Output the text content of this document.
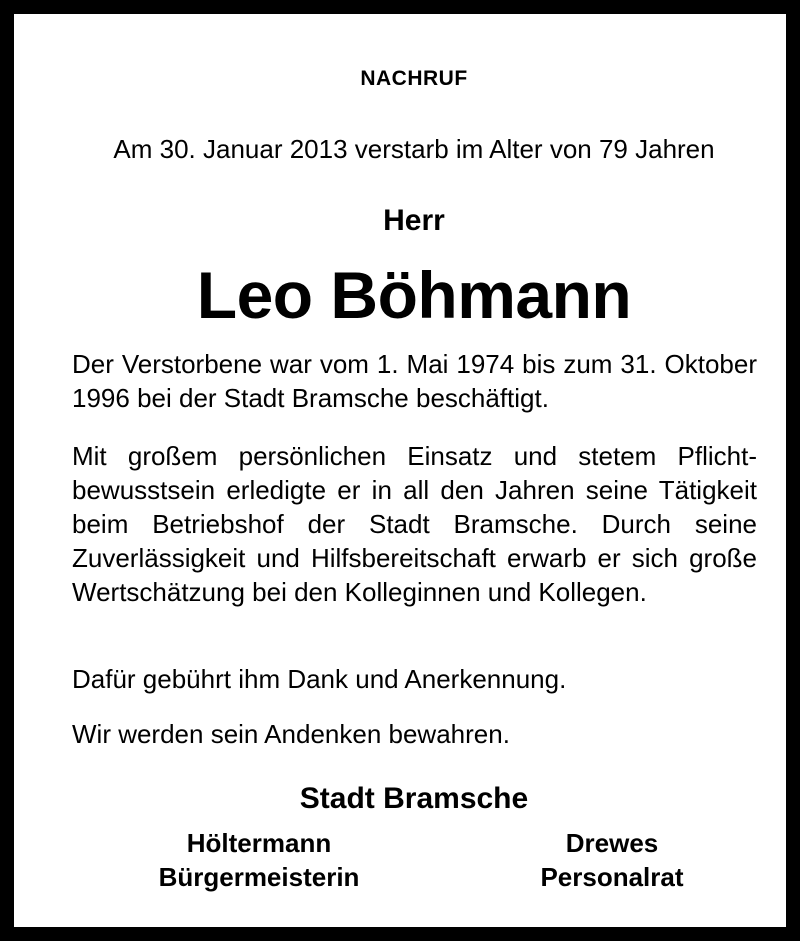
NACHRUF
Am 30. Januar 2013 verstarb im Alter von 79 Jahren
Herr
Leo Böhmann

Der Verstorbene war vom 1. Mai 1974 bis zum 31. Oktober 1996 bei der Stadt Bramsche beschäftigt.

Mit großem persönlichen Einsatz und stetem Pflichtbewusstsein erledigte er in all den Jahren seine Tätigkeit beim Betriebshof der Stadt Bramsche. Durch seine Zuverlässigkeit und Hilfsbereitschaft erwarb er sich große Wertschätzung bei den Kolleginnen und Kollegen.

Dafür gebührt ihm Dank und Anerkennung.

Wir werden sein Andenken bewahren.

Stadt Bramsche
Höltermann
Bürgermeisterin
Drewes
Personalrat
